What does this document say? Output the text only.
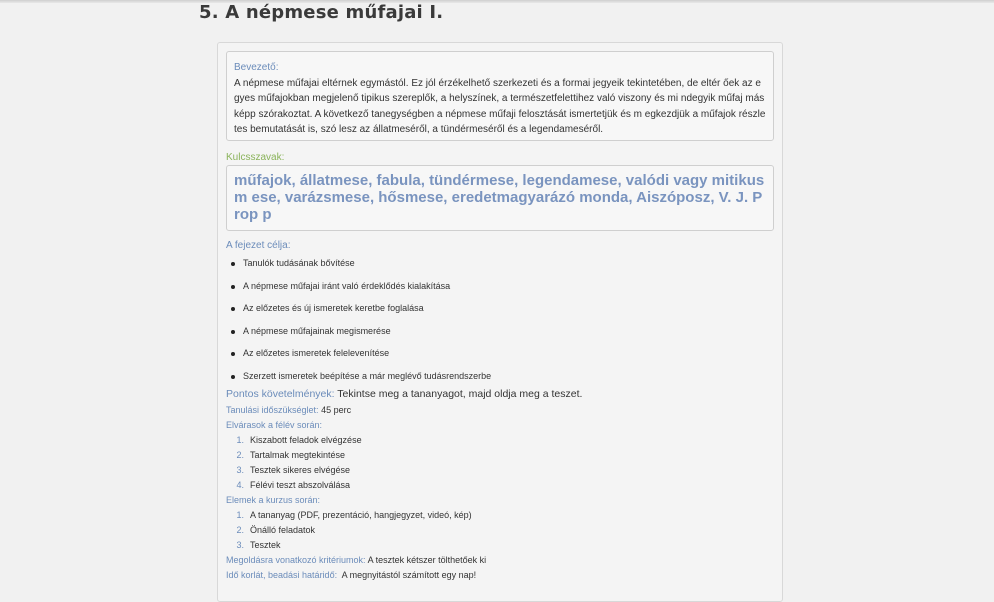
5. A népmese műfajai I.
Bevezető:
A népmese műfajai eltérnek egymástól. Ez jól érzékelhető szerkezeti és a formai jegyeik tekintetében, de eltér őek az egyes műfajokban megjelenő tipikus szereplők, a helyszínek, a természetfelettihez való viszony és mi ndegyik műfaj másképp szórakoztat. A következő tanegységben a népmese műfaji felosztását ismertetjük és m egkezdjük a műfajok részletes bemutatását is, szó lesz az állatmeséről, a tündérmeséről és a legendameséről.
Kulcsszavak:
műfajok, állatmese, fabula, tündérmese, legendamese, valódi vagy mitikus m ese, varázsmese, hősmese, eredetmagyarázó monda, Aiszóposz, V. J. Prop p
A fejezet célja:
Tanulók tudásának bővítése
A népmese műfajai iránt való érdeklődés kialakítása
Az előzetes és új ismeretek keretbe foglalása
A népmese műfajainak megismerése
Az előzetes ismeretek felelevenítése
Szerzett ismeretek beépítése a már meglévő tudásrendszerbe
Pontos követelmények: Tekintse meg a tananyagot, majd oldja meg a teszet.
Tanulási időszükséglet: 45 perc
Elvárasok a félév során:
1. Kiszabott feladok elvégzése
2. Tartalmak megtekintése
3. Tesztek sikeres elvégése
4. Félévi teszt abszolválása
Elemek a kurzus során:
1. A tananyag (PDF, prezentáció, hangjegyzet, videó, kép)
2. Önálló feladatok
3. Tesztek
Megoldásra vonatkozó kritériumok: A tesztek kétszer tölthetőek ki
Idő korlát, beadási határidő:  A megnyitástól számított egy nap!
